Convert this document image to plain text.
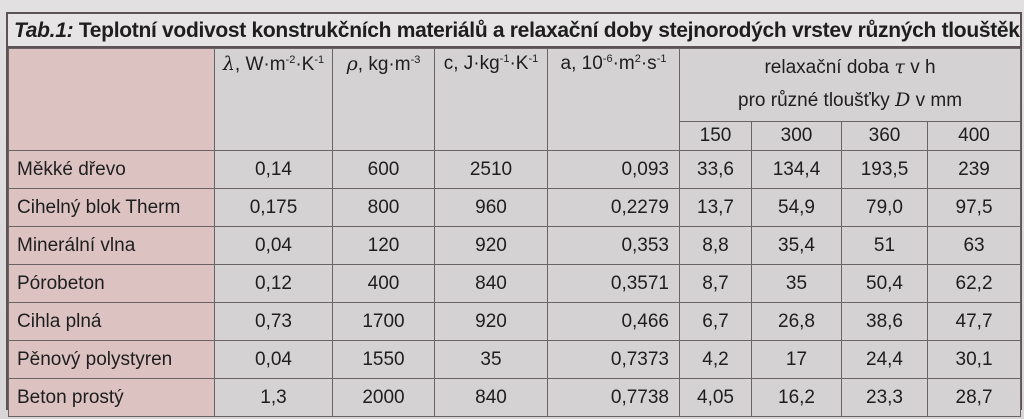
Tab.1: Teplotní vodivost konstrukčních materiálů a relaxační doby stejnorodých vrstev různých tlouštěk
	λ, $W\cdot m^{-2}\cdot K^{-1}$	ρ, $kg\cdot m^{-3}$	c, $J\cdot kg^{-1}\cdot K^{-1}$	a, $10^{-6}\cdot m^2\cdot s^{-1}$	relaxační doba τ v h
pro různé tloušťky D v mm			

					150	300	360	400
Měkké dřevo	0,14	600	2510	0,093	33,6	134,4	193,5	239
Cihelný blok Therm	0,175	800	960	0,2279	13,7	54,9	79,0	97,5
Minerální vlna	0,04	120	920	0,353	8,8	35,4	51	63
Pórobeton	0,12	400	840	0,3571	8,7	35	50,4	62,2
Cihla plná	0,73	1700	920	0,466	6,7	26,8	38,6	47,7
Pěnový polystyren	0,04	1550	35	0,7373	4,2	17	24,4	30,1
Beton prostý	1,3	2000	840	0,7738	4,05	16,2	23,3	28,7
